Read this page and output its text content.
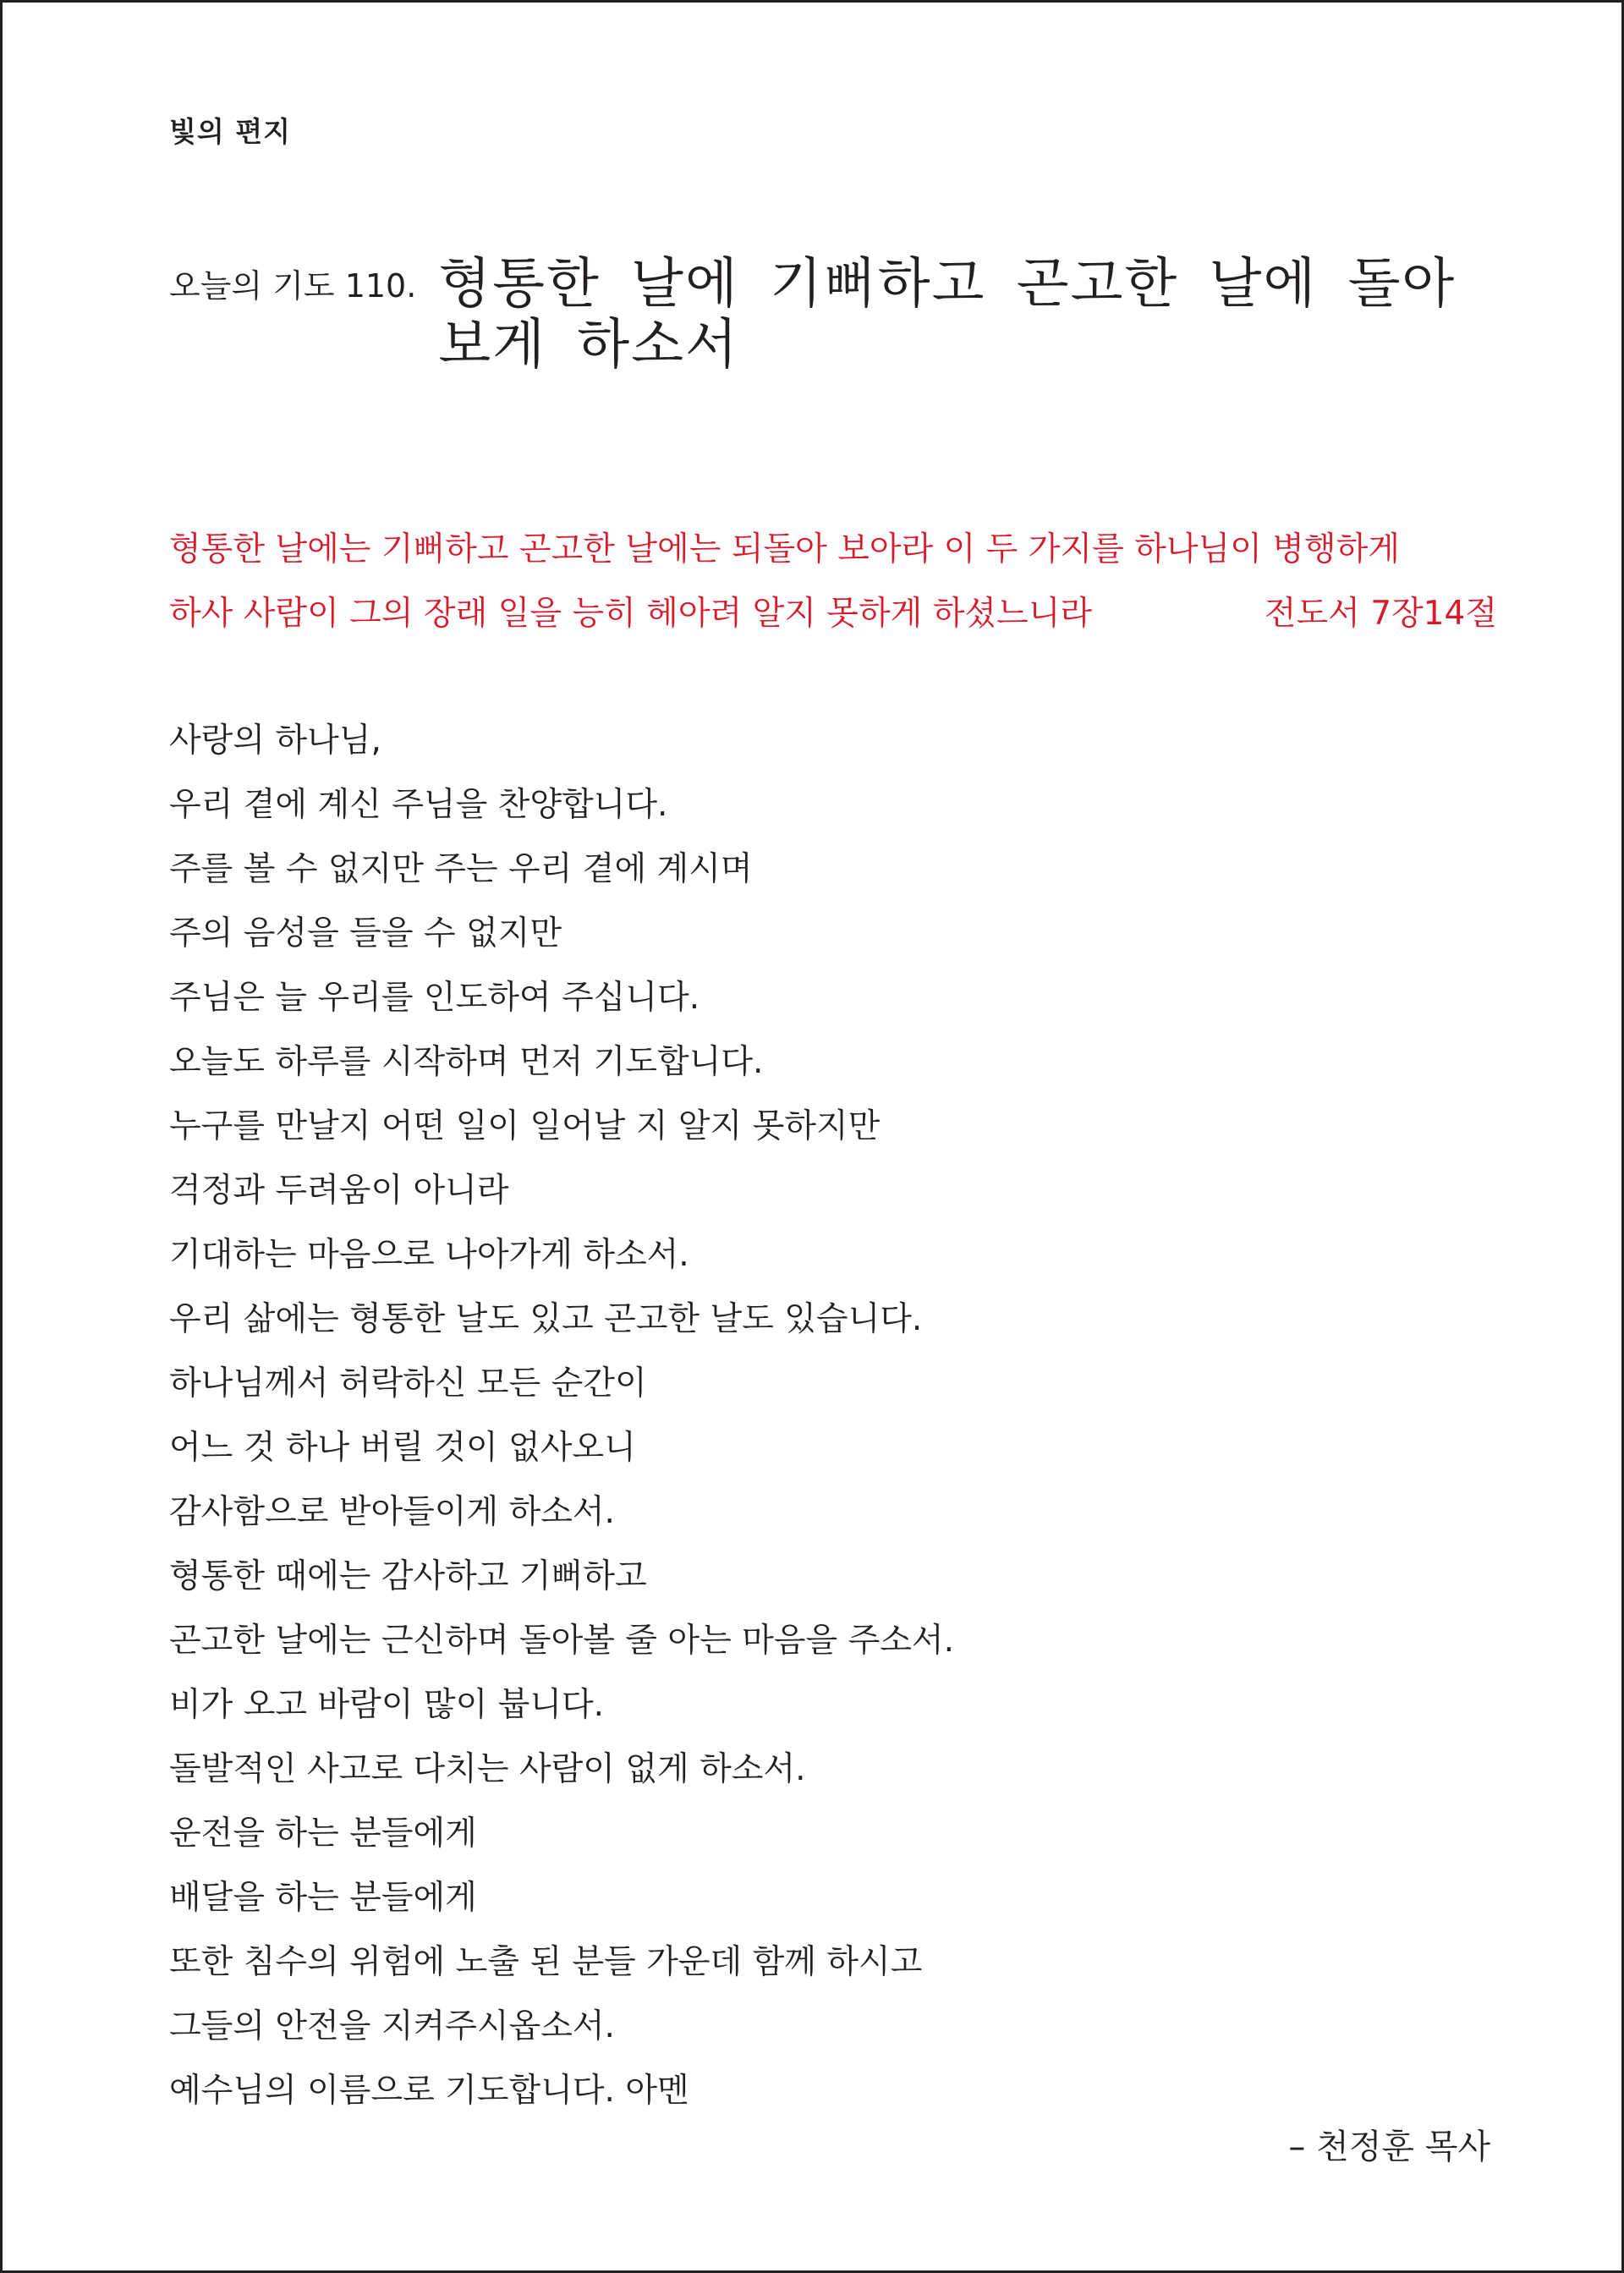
빛의 편지

오늘의 기도 110. 형통한 날에 기뻐하고 곤고한 날에 돌아보게 하소서
형통한 날에는 기뻐하고 곤고한 날에는 되돌아 보아라 이 두 가지를 하나님이 병행하게
하사 사람이 그의 장래 일을 능히 헤아려 알지 못하게 하셨느니라	전도서 7장14절
사랑의 하나님,
우리 곁에 계신 주님을 찬양합니다.
주를 볼 수 없지만 주는 우리 곁에 계시며
주의 음성을 들을 수 없지만
주님은 늘 우리를 인도하여 주십니다.
오늘도 하루를 시작하며 먼저 기도합니다.
누구를 만날지 어떤 일이 일어날 지 알지 못하지만
걱정과 두려움이 아니라
기대하는 마음으로 나아가게 하소서.
우리 삶에는 형통한 날도 있고 곤고한 날도 있습니다.
하나님께서 허락하신 모든 순간이
어느 것 하나 버릴 것이 없사오니
감사함으로 받아들이게 하소서.
형통한 때에는 감사하고 기뻐하고
곤고한 날에는 근신하며 돌아볼 줄 아는 마음을 주소서.
비가 오고 바람이 많이 붑니다.
돌발적인 사고로 다치는 사람이 없게 하소서.
운전을 하는 분들에게
배달을 하는 분들에게
또한 침수의 위험에 노출 된 분들 가운데 함께 하시고
그들의 안전을 지켜주시옵소서.
예수님의 이름으로 기도합니다. 아멘
– 천정훈 목사
